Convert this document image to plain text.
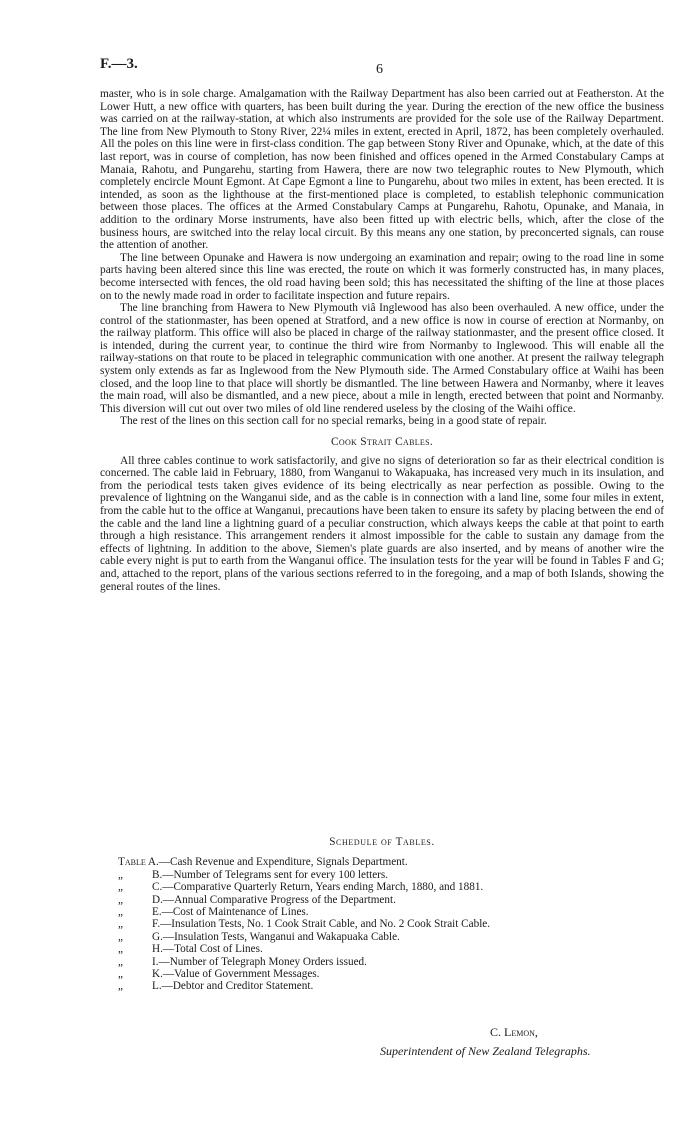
F.—3.	6

master, who is in sole charge. Amalgamation with the Railway Department has also been carried out at Featherston. At the Lower Hutt, a new office with quarters, has been built during the year. During the erection of the new office the business was carried on at the railway-station, at which also instruments are provided for the sole use of the Railway Department. The line from New Plymouth to Stony River, 22¼ miles in extent, erected in April, 1872, has been completely overhauled. All the poles on this line were in first-class condition. The gap between Stony River and Opunake, which, at the date of this last report, was in course of completion, has now been finished and offices opened in the Armed Constabulary Camps at Manaia, Rahotu, and Pungarehu, starting from Hawera, there are now two telegraphic routes to New Plymouth, which completely encircle Mount Egmont. At Cape Egmont a line to Pungarehu, about two miles in extent, has been erected. It is intended, as soon as the lighthouse at the first-mentioned place is completed, to establish telephonic communication between those places. The offices at the Armed Constabulary Camps at Pungarehu, Rahotu, Opunake, and Manaia, in addition to the ordinary Morse instruments, have also been fitted up with electric bells, which, after the close of the business hours, are switched into the relay local circuit. By this means any one station, by preconcerted signals, can rouse the attention of another.

The line between Opunake and Hawera is now undergoing an examination and repair; owing to the road line in some parts having been altered since this line was erected, the route on which it was formerly constructed has, in many places, become intersected with fences, the old road having been sold; this has necessitated the shifting of the line at those places on to the newly made road in order to facilitate inspection and future repairs.

The line branching from Hawera to New Plymouth viâ Inglewood has also been overhauled. A new office, under the control of the stationmaster, has been opened at Stratford, and a new office is now in course of erection at Normanby, on the railway platform. This office will also be placed in charge of the railway stationmaster, and the present office closed. It is intended, during the current year, to continue the third wire from Normanby to Inglewood. This will enable all the railway-stations on that route to be placed in telegraphic communication with one another. At present the railway telegraph system only extends as far as Inglewood from the New Plymouth side. The Armed Constabulary office at Waihi has been closed, and the loop line to that place will shortly be dismantled. The line between Hawera and Normanby, where it leaves the main road, will also be dismantled, and a new piece, about a mile in length, erected between that point and Normanby. This diversion will cut out over two miles of old line rendered useless by the closing of the Waihi office.

The rest of the lines on this section call for no special remarks, being in a good state of repair.

Cook Strait Cables.

All three cables continue to work satisfactorily, and give no signs of deterioration so far as their electrical condition is concerned. The cable laid in February, 1880, from Wanganui to Wakapuaka, has increased very much in its insulation, and from the periodical tests taken gives evidence of its being electrically as near perfection as possible. Owing to the prevalence of lightning on the Wanganui side, and as the cable is in connection with a land line, some four miles in extent, from the cable hut to the office at Wanganui, precautions have been taken to ensure its safety by placing between the end of the cable and the land line a lightning guard of a peculiar construction, which always keeps the cable at that point to earth through a high resistance. This arrangement renders it almost impossible for the cable to sustain any damage from the effects of lightning. In addition to the above, Siemen's plate guards are also inserted, and by means of another wire the cable every night is put to earth from the Wanganui office. The insulation tests for the year will be found in Tables F and G; and, attached to the report, plans of the various sections referred to in the foregoing, and a map of both Islands, showing the general routes of the lines.

Schedule of Tables.
Table A.—Cash Revenue and Expenditure, Signals Department.
„	B.—Number of Telegrams sent for every 100 letters.
„	C.—Comparative Quarterly Return, Years ending March, 1880, and 1881.
„	D.—Annual Comparative Progress of the Department.
„	E.—Cost of Maintenance of Lines.
„	F.—Insulation Tests, No. 1 Cook Strait Cable, and No. 2 Cook Strait Cable.
„	G.—Insulation Tests, Wanganui and Wakapuaka Cable.
„	H.—Total Cost of Lines.
„	I.—Number of Telegraph Money Orders issued.
„	K.—Value of Government Messages.
„	L.—Debtor and Creditor Statement.
C. Lemon,
Superintendent of New Zealand Telegraphs.
